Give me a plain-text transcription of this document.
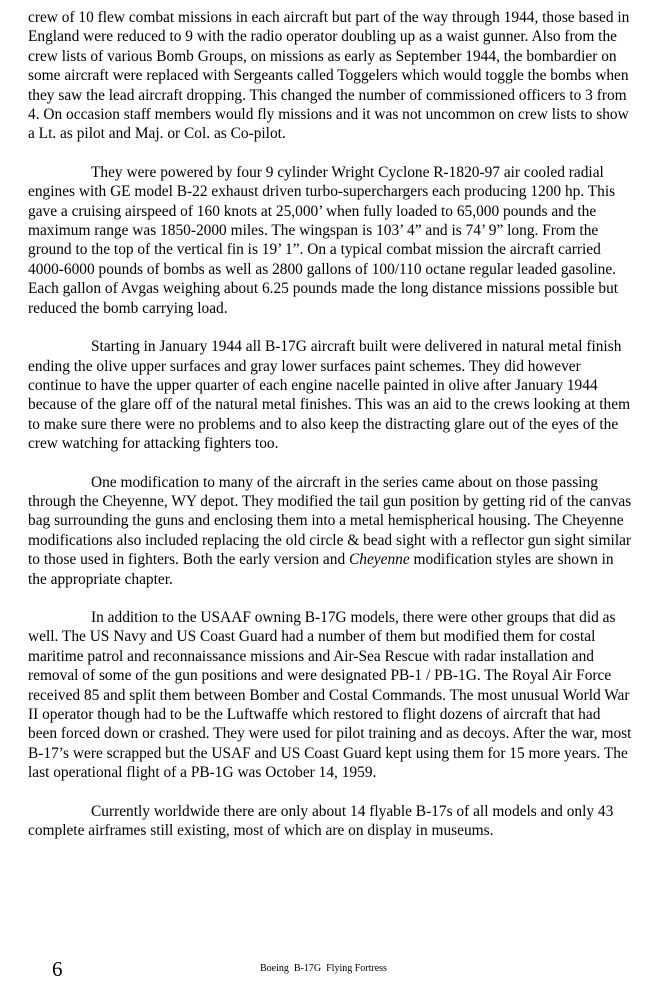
crew of 10 flew combat missions in each aircraft but part of the way through 1944, those based in England were reduced to 9 with the radio operator doubling up as a waist gunner. Also from the crew lists of various Bomb Groups, on missions as early as September 1944, the bombardier on some aircraft were replaced with Sergeants called Toggelers which would toggle the bombs when they saw the lead aircraft dropping. This changed the number of commissioned officers to 3 from 4. On occasion staff members would fly missions and it was not uncommon on crew lists to show a Lt. as pilot and Maj. or Col. as Co-pilot.

They were powered by four 9 cylinder Wright Cyclone R-1820-97 air cooled radial engines with GE model B-22 exhaust driven turbo-superchargers each producing 1200 hp. This gave a cruising airspeed of 160 knots at 25,000’ when fully loaded to 65,000 pounds and the maximum range was 1850-2000 miles. The wingspan is 103’ 4” and is 74’ 9” long. From the ground to the top of the vertical fin is 19’ 1”. On a typical combat mission the aircraft carried 4000-6000 pounds of bombs as well as 2800 gallons of 100/110 octane regular leaded gasoline. Each gallon of Avgas weighing about 6.25 pounds made the long distance missions possible but reduced the bomb carrying load.

Starting in January 1944 all B-17G aircraft built were delivered in natural metal finish ending the olive upper surfaces and gray lower surfaces paint schemes. They did however continue to have the upper quarter of each engine nacelle painted in olive after January 1944 because of the glare off of the natural metal finishes. This was an aid to the crews looking at them to make sure there were no problems and to also keep the distracting glare out of the eyes of the crew watching for attacking fighters too.

One modification to many of the aircraft in the series came about on those passing through the Cheyenne, WY depot. They modified the tail gun position by getting rid of the canvas bag surrounding the guns and enclosing them into a metal hemispherical housing. The Cheyenne modifications also included replacing the old circle & bead sight with a reflector gun sight similar to those used in fighters. Both the early version and Cheyenne modification styles are shown in the appropriate chapter.

In addition to the USAAF owning B-17G models, there were other groups that did as well. The US Navy and US Coast Guard had a number of them but modified them for costal maritime patrol and reconnaissance missions and Air-Sea Rescue with radar installation and removal of some of the gun positions and were designated PB-1 / PB-1G. The Royal Air Force received 85 and split them between Bomber and Costal Commands. The most unusual World War II operator though had to be the Luftwaffe which restored to flight dozens of aircraft that had been forced down or crashed. They were used for pilot training and as decoys. After the war, most B-17’s were scrapped but the USAF and US Coast Guard kept using them for 15 more years. The last operational flight of a PB-1G was October 14, 1959.

Currently worldwide there are only about 14 flyable B-17s of all models and only 43 complete airframes still existing, most of which are on display in museums.

6	Boeing  B-17G  Flying Fortress
